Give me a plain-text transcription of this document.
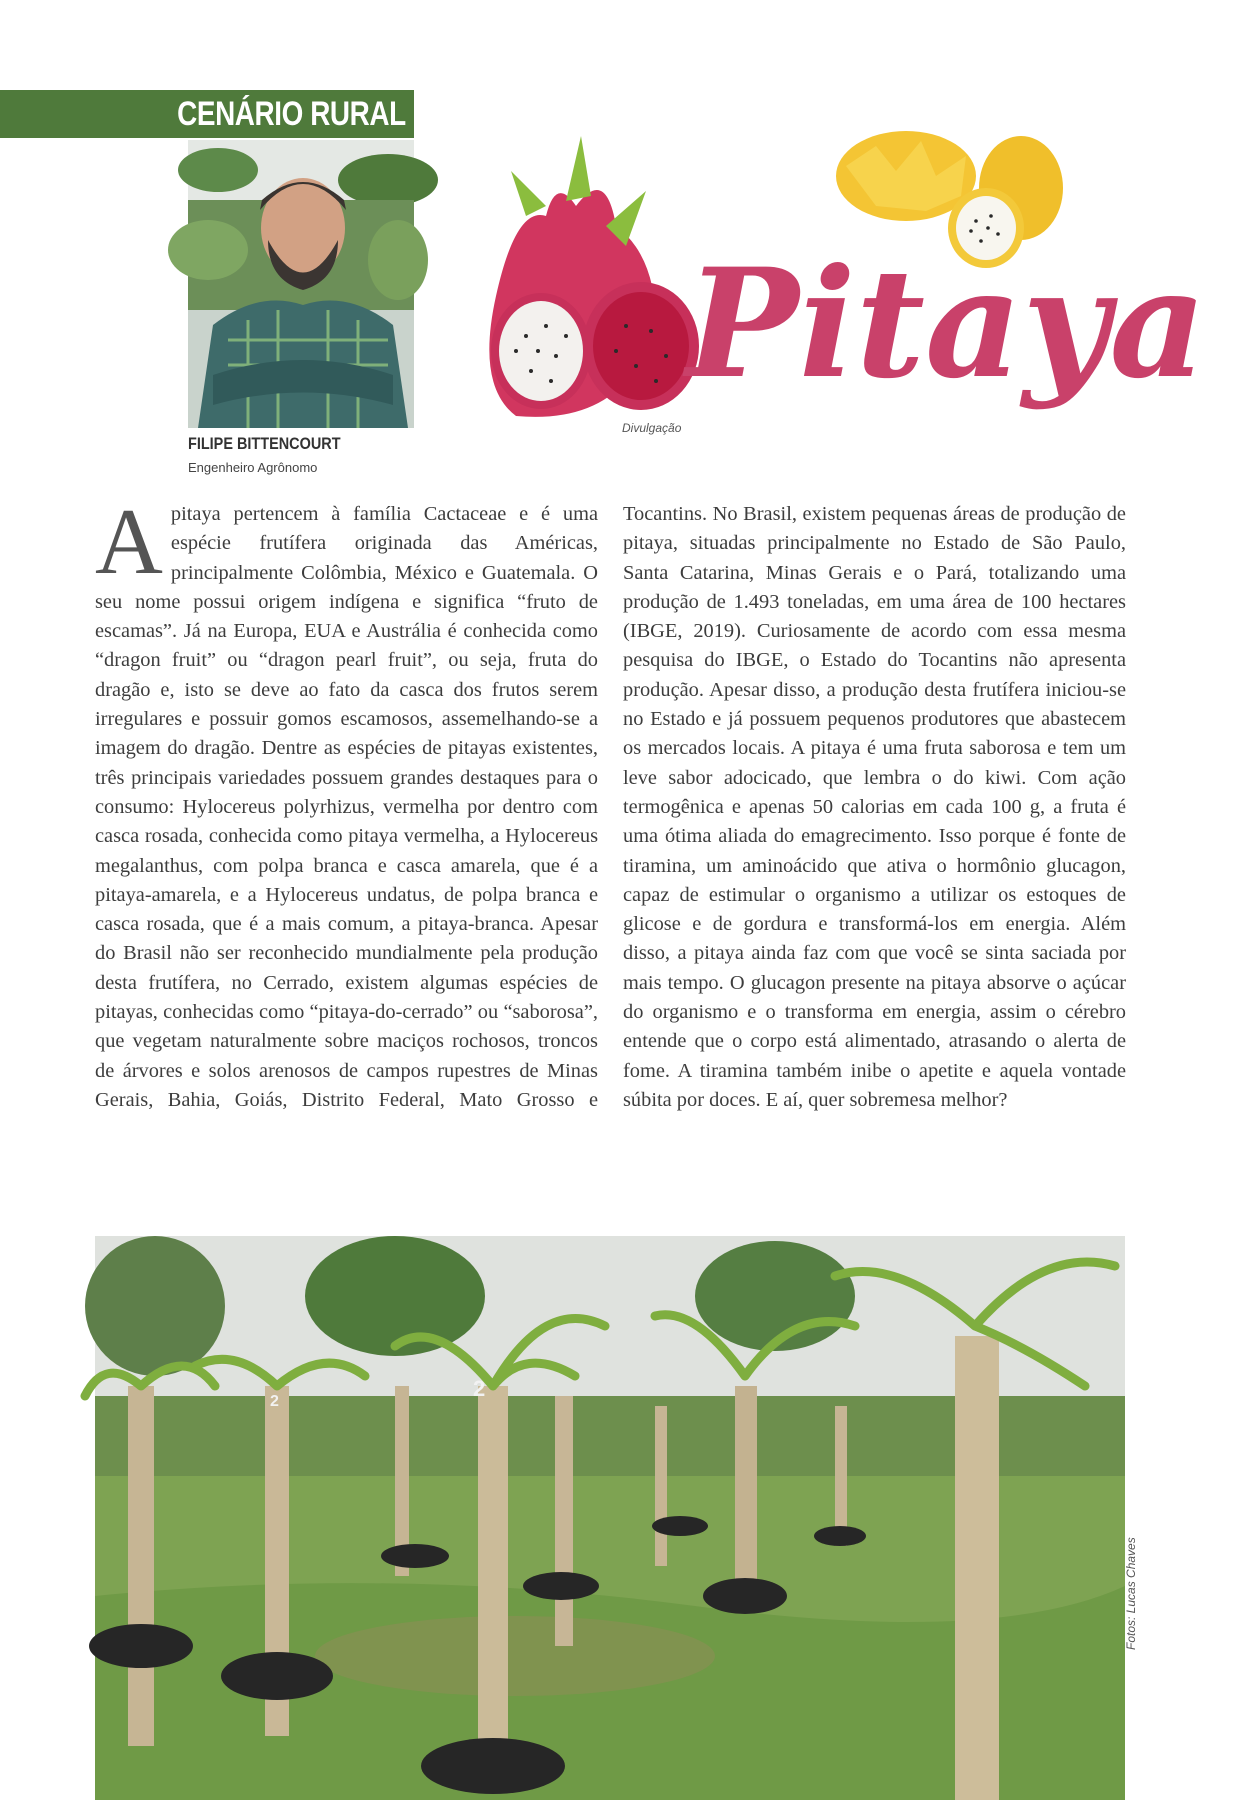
CENÁRIO RURAL
FILIPE BITTENCOURT
Engenheiro Agrônomo
Pitaya
Divulgação
A pitaya pertencem à família Cactaceae e é uma espécie frutífera originada das Américas, principalmente Colômbia, México e Guatemala. O seu nome possui origem indígena e significa “fruto de escamas”. Já na Europa, EUA e Austrália é conhecida como “dragon fruit” ou “dragon pearl fruit”, ou seja, fruta do dragão e, isto se deve ao fato da casca dos frutos serem irregulares e possuir gomos escamosos, assemelhando-se a imagem do dragão. Dentre as espécies de pitayas existentes, três principais variedades possuem grandes destaques para o consumo: Hylocereus polyrhizus, vermelha por dentro com casca rosada, conhecida como pitaya vermelha, a Hylocereus megalanthus, com polpa branca e casca amarela, que é a pitaya-amarela, e a Hylocereus undatus, de polpa branca e casca rosada, que é a mais comum, a pitaya-branca. Apesar do Brasil não ser reconhecido mundialmente pela produção desta frutífera, no Cerrado, existem algumas espécies de pitayas, conhecidas como “pitaya-do-cerrado” ou “saborosa”, que vegetam naturalmente sobre maciços rochosos, troncos de árvores e solos arenosos de campos rupestres de Minas Gerais, Bahia, Goiás, Distrito Federal, Mato Grosso e Tocantins. No Brasil, existem pequenas áreas de produção de pitaya, situadas principalmente no Estado de São Paulo, Santa Catarina, Minas Gerais e o Pará, totalizando uma produção de 1.493 toneladas, em uma área de 100 hectares (IBGE, 2019). Curiosamente de acordo com essa mesma pesquisa do IBGE, o Estado do Tocantins não apresenta produção. Apesar disso, a produção desta frutífera iniciou-se no Estado e já possuem pequenos produtores que abastecem os mercados locais. A pitaya é uma fruta saborosa e tem um leve sabor adocicado, que lembra o do kiwi. Com ação termogênica e apenas 50 calorias em cada 100 g, a fruta é uma ótima aliada do emagrecimento. Isso porque é fonte de tiramina, um aminoácido que ativa o hormônio glucagon, capaz de estimular o organismo a utilizar os estoques de glicose e de gordura e transformá-los em energia. Além disso, a pitaya ainda faz com que você se sinta saciada por mais tempo. O glucagon presente na pitaya absorve o açúcar do organismo e o transforma em energia, assim o cérebro entende que o corpo está alimentado, atrasando o alerta de fome. A tiramina também inibe o apetite e aquela vontade súbita por doces. E aí, quer sobremesa melhor?
2
2
Fotos: Lucas Chaves
